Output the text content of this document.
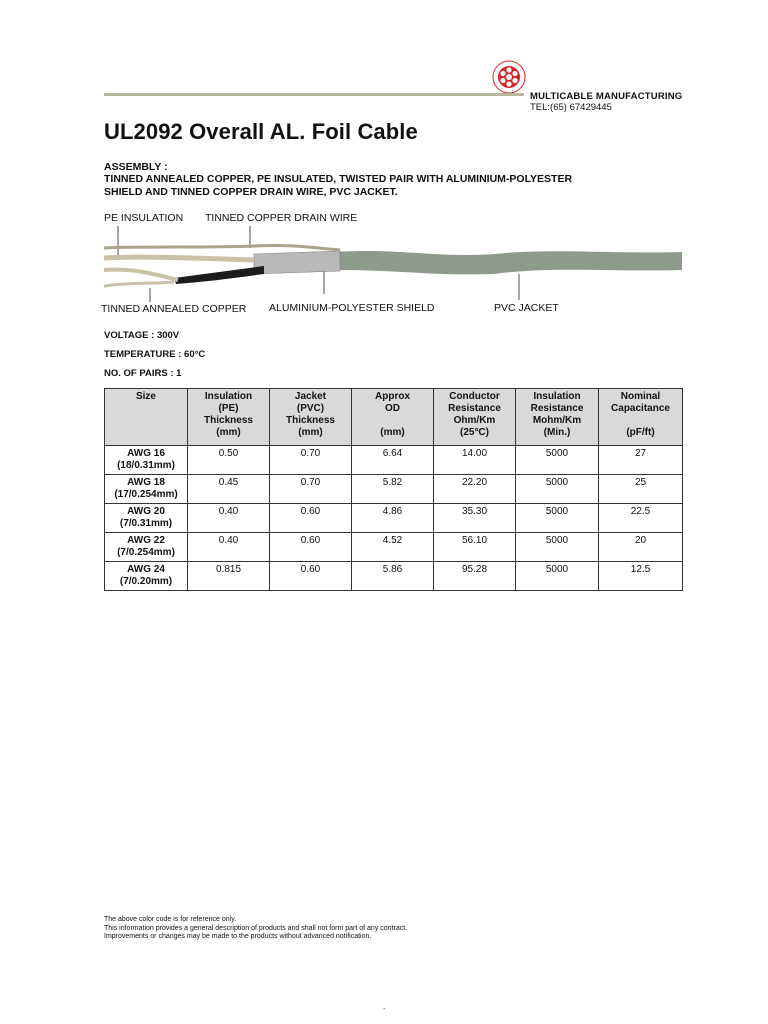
MULTICABLE MANUFACTURING
TEL:(65) 67429445
UL2092 Overall AL. Foil Cable
ASSEMBLY :
TINNED ANNEALED COPPER, PE INSULATED, TWISTED PAIR WITH ALUMINIUM-POLYESTER
SHIELD AND TINNED COPPER DRAIN WIRE, PVC JACKET.
PE INSULATION TINNED COPPER DRAIN WIRE
TINNED ANNEALED COPPER ALUMINIUM-POLYESTER SHIELD	PVC JACKET
VOLTAGE : 300V
TEMPERATURE : 60°C
NO. OF PAIRS : 1
Size	Insulation
(PE)
Thickness
(mm)	Jacket
(PVC)
Thickness
(mm)	Approx
OD
(mm)	Conductor
Resistance
Ohm/Km
(25°C)	Insulation
Resistance
Mohm/Km
(Min.)	Nominal
Capacitance
(pF/ft)

AWG 16
(18/0.31mm)	0.50	0.70	6.64	14.00	5000	27

AWG 18
(17/0.254mm)	0.45	0.70	5.82	22.20	5000	25

AWG 20
(7/0.31mm)	0.40	0.60	4.86	35.30	5000	22.5

AWG 22
(7/0.254mm)	0.40	0.60	4.52	56.10	5000	20

AWG 24
(7/0.20mm)	0.815	0.60	5.86	95.28	5000	12.5
The above color code is for reference only.
This information provides a general description of products and shall not form part of any contract.
Improvements or changes may be made to the products without advanced notification.
.
